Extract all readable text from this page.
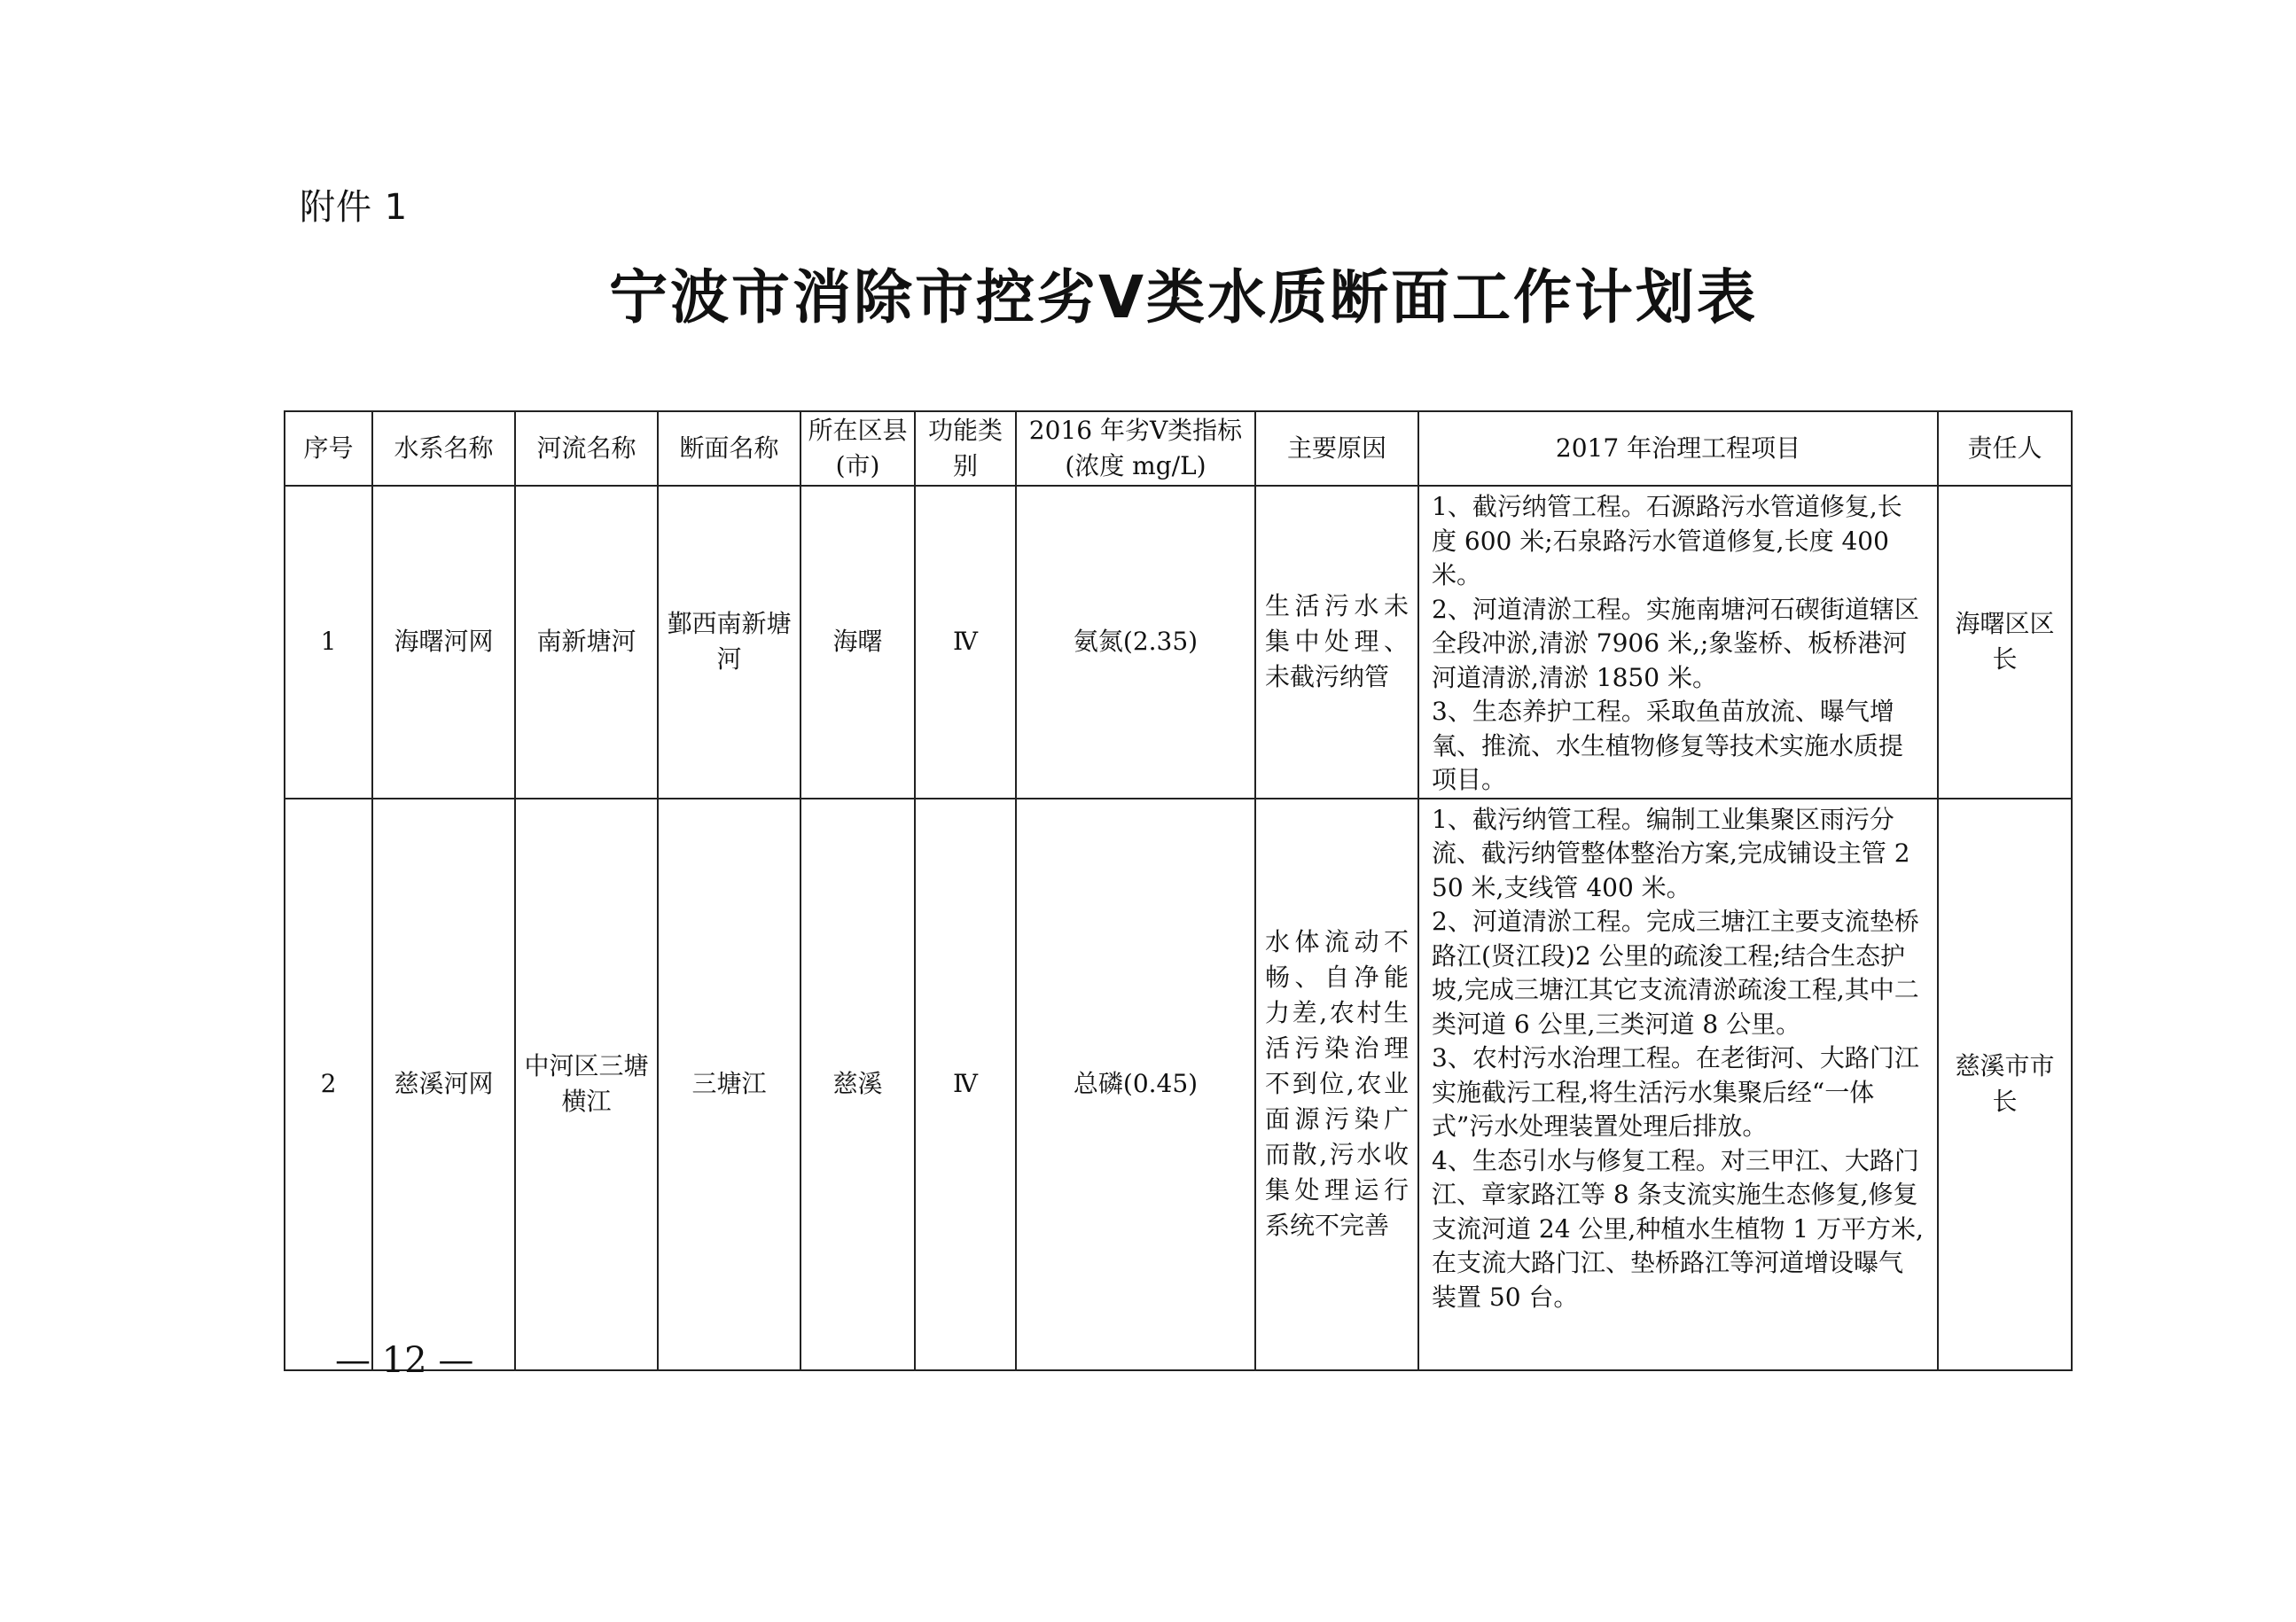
附件 1
宁波市消除市控劣Ⅴ类水质断面工作计划表
序号	水系名称	河流名称	断面名称	所在区县(市)	功能类别	2016 年劣Ⅴ类指标(浓度 mg/L)	主要原因	2017 年治理工程项目	责任人
1	海曙河网	南新塘河	鄞西南新塘河	海曙	Ⅳ	氨氮(2.35)	生活污水未集中处理、未截污纳管	1、截污纳管工程。石源路污水管道修复,长度 600 米;石泉路污水管道修复,长度 400 米。
2、河道清淤工程。实施南塘河石碶街道辖区全段冲淤,清淤 7906 米,;象鉴桥、板桥港河河道清淤,清淤 1850 米。
3、生态养护工程。采取鱼苗放流、曝气增氧、推流、水生植物修复等技术实施水质提项目。	海曙区区长
2	慈溪河网	中河区三塘横江	三塘江	慈溪	Ⅳ	总磷(0.45)	水体流动不畅、自净能力差,农村生活污染治理不到位,农业面源污染广而散,污水收集处理运行系统不完善	1、截污纳管工程。编制工业集聚区雨污分流、截污纳管整体整治方案,完成铺设主管 250 米,支线管 400 米。
2、河道清淤工程。完成三塘江主要支流垫桥路江(贤江段)2 公里的疏浚工程;结合生态护坡,完成三塘江其它支流清淤疏浚工程,其中二类河道 6 公里,三类河道 8 公里。
3、农村污水治理工程。在老街河、大路门江实施截污工程,将生活污水集聚后经“一体式”污水处理装置处理后排放。
4、生态引水与修复工程。对三甲江、大路门江、章家路江等 8 条支流实施生态修复,修复支流河道 24 公里,种植水生植物 1 万平方米,在支流大路门江、垫桥路江等河道增设曝气装置 50 台。	慈溪市市长
— 12 —
